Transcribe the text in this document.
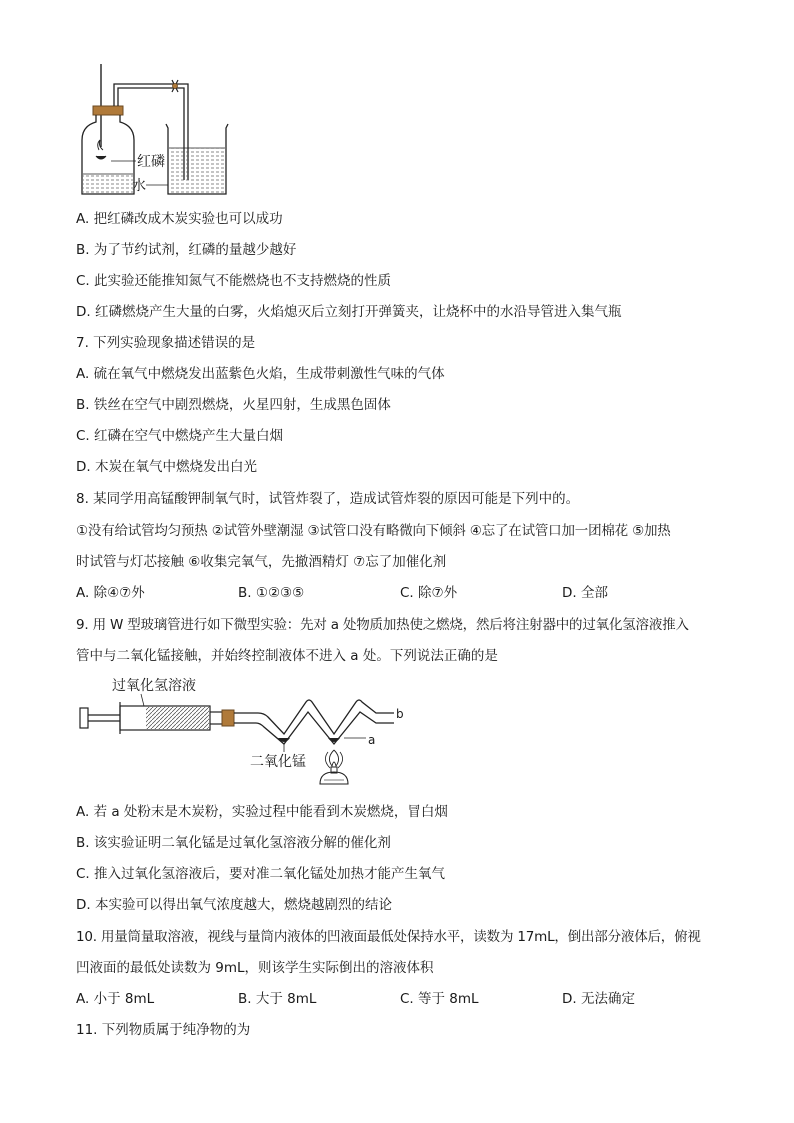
红磷
水
A. 把红磷改成木炭实验也可以成功
B. 为了节约试剂，红磷的量越少越好
C. 此实验还能推知氮气不能燃烧也不支持燃烧的性质
D. 红磷燃烧产生大量的白雾，火焰熄灭后立刻打开弹簧夹，让烧杯中的水沿导管进入集气瓶
7. 下列实验现象描述错误的是
A. 硫在氧气中燃烧发出蓝紫色火焰，生成带刺激性气味的气体
B. 铁丝在空气中剧烈燃烧，火星四射，生成黑色固体
C. 红磷在空气中燃烧产生大量白烟
D. 木炭在氧气中燃烧发出白光
8. 某同学用高锰酸钾制氧气时，试管炸裂了，造成试管炸裂的原因可能是下列中的。
①没有给试管均匀预热 ②试管外壁潮湿 ③试管口没有略微向下倾斜 ④忘了在试管口加一团棉花 ⑤加热
时试管与灯芯接触 ⑥收集完氧气，先撤酒精灯 ⑦忘了加催化剂
A. 除④⑦外	B. ①②③⑤	C. 除⑦外	D. 全部
9. 用 W 型玻璃管进行如下微型实验：先对 a 处物质加热使之燃烧，然后将注射器中的过氧化氢溶液推入
管中与二氧化锰接触，并始终控制液体不进入 a 处。下列说法正确的是
过氧化氢溶液
二氧化锰
a
b
A. 若 a 处粉末是木炭粉，实验过程中能看到木炭燃烧，冒白烟
B. 该实验证明二氧化锰是过氧化氢溶液分解的催化剂
C. 推入过氧化氢溶液后，要对准二氧化锰处加热才能产生氧气
D. 本实验可以得出氧气浓度越大，燃烧越剧烈的结论
10. 用量筒量取溶液，视线与量筒内液体的凹液面最低处保持水平，读数为 17mL，倒出部分液体后，俯视
凹液面的最低处读数为 9mL，则该学生实际倒出的溶液体积
A. 小于 8mL	B. 大于 8mL	C. 等于 8mL	D. 无法确定
11. 下列物质属于纯净物的为
